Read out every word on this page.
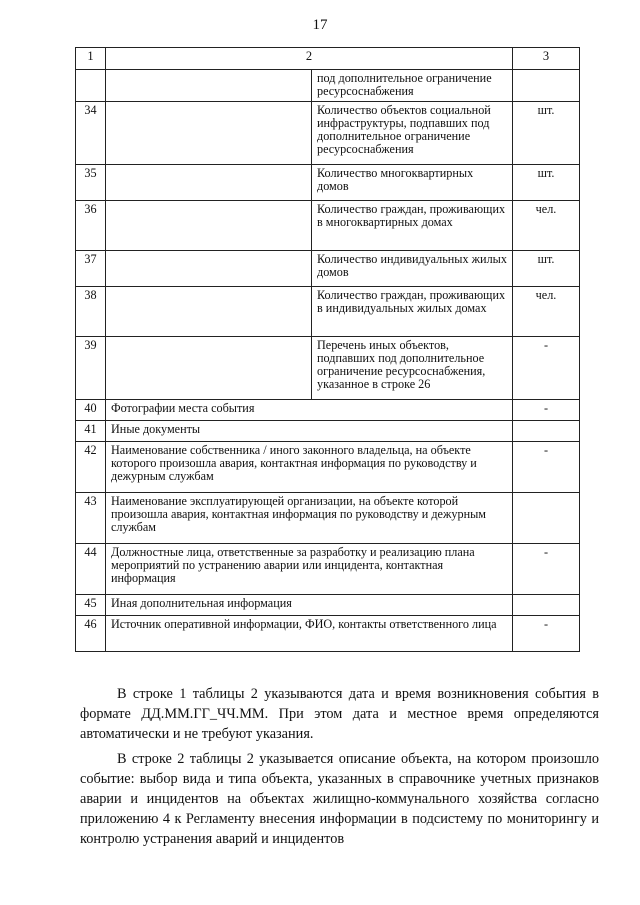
17
1	2		3
		под дополнительное ограничение ресурсоснабжения	
34		Количество объектов социальной инфраструктуры, подпавших под дополнительное ограничение ресурсоснабжения	шт.
35		Количество многоквартирных домов	шт.
36		Количество граждан, проживающих в многоквартирных домах	чел.
37		Количество индивидуальных жилых домов	шт.
38		Количество граждан, проживающих в индивидуальных жилых домах	чел.
39		Перечень иных объектов, подпавших под дополнительное ограничение ресурсоснабжения, указанное в строке 26	-
40	Фотографии места события		-
41	Иные документы		
42	Наименование собственника / иного законного владельца, на объекте которого произошла авария, контактная информация по руководству и дежурным службам		-
43	Наименование эксплуатирующей организации, на объекте которой произошла авария, контактная информация по руководству и дежурным службам		
44	Должностные лица, ответственные за разработку и реализацию плана мероприятий по устранению аварии или инцидента, контактная информация		-
45	Иная дополнительная информация		
46	Источник оперативной информации, ФИО, контакты ответственного лица		-

В строке 1 таблицы 2 указываются дата и время возникновения события в формате ДД.ММ.ГГ_ЧЧ.ММ. При этом дата и местное время определяются автоматически и не требуют указания.

В строке 2 таблицы 2 указывается описание объекта, на котором произошло событие: выбор вида и типа объекта, указанных в справочнике учетных признаков аварии и инцидентов на объектах жилищно-коммунального хозяйства согласно приложению 4 к Регламенту внесения информации в подсистему по мониторингу и контролю устранения аварий и инцидентов
